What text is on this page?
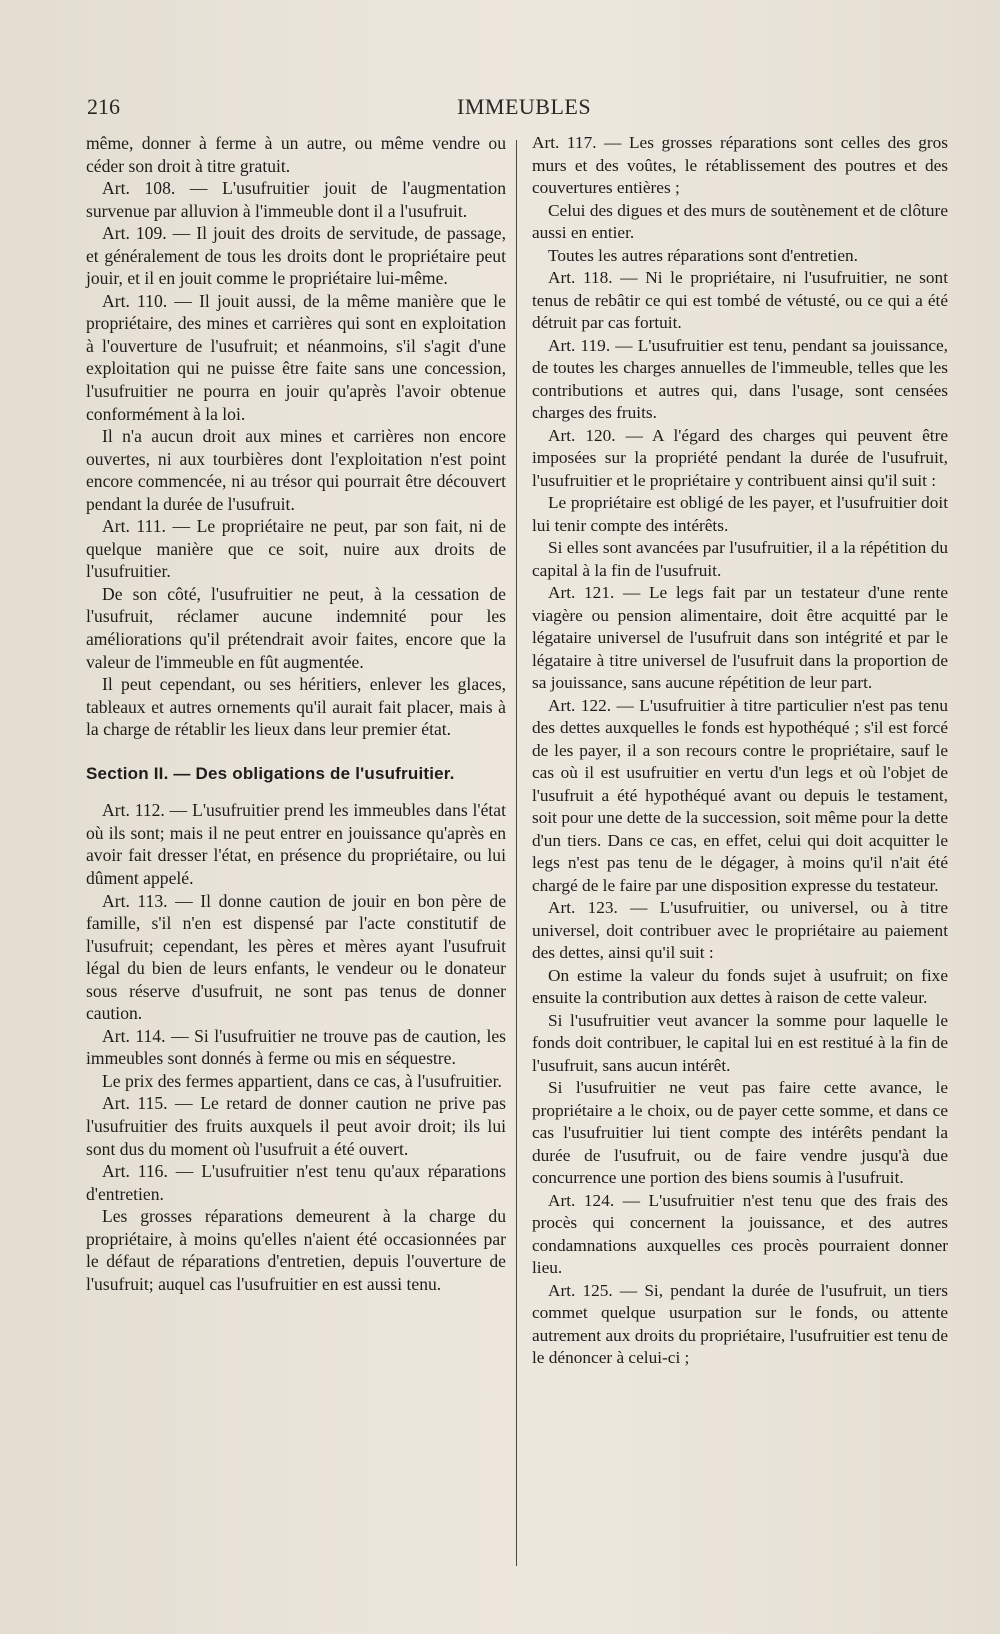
216	IMMEUBLES

même, donner à ferme à un autre, ou même vendre ou céder son droit à titre gratuit.

Art. 108. — L'usufruitier jouit de l'augmentation survenue par alluvion à l'immeuble dont il a l'usufruit.

Art. 109. — Il jouit des droits de servitude, de passage, et généralement de tous les droits dont le propriétaire peut jouir, et il en jouit comme le propriétaire lui-même.

Art. 110. — Il jouit aussi, de la même manière que le propriétaire, des mines et carrières qui sont en exploitation à l'ouverture de l'usufruit; et néanmoins, s'il s'agit d'une exploitation qui ne puisse être faite sans une concession, l'usufruitier ne pourra en jouir qu'après l'avoir obtenue conformément à la loi.

Il n'a aucun droit aux mines et carrières non encore ouvertes, ni aux tourbières dont l'exploitation n'est point encore commencée, ni au trésor qui pourrait être découvert pendant la durée de l'usufruit.

Art. 111. — Le propriétaire ne peut, par son fait, ni de quelque manière que ce soit, nuire aux droits de l'usufruitier.

De son côté, l'usufruitier ne peut, à la cessation de l'usufruit, réclamer aucune indemnité pour les améliorations qu'il prétendrait avoir faites, encore que la valeur de l'immeuble en fût augmentée.

Il peut cependant, ou ses héritiers, enlever les glaces, tableaux et autres ornements qu'il aurait fait placer, mais à la charge de rétablir les lieux dans leur premier état.

Section II. — Des obligations de l'usufruitier.

Art. 112. — L'usufruitier prend les immeubles dans l'état où ils sont; mais il ne peut entrer en jouissance qu'après en avoir fait dresser l'état, en présence du propriétaire, ou lui dûment appelé.

Art. 113. — Il donne caution de jouir en bon père de famille, s'il n'en est dispensé par l'acte constitutif de l'usufruit; cependant, les pères et mères ayant l'usufruit légal du bien de leurs enfants, le vendeur ou le donateur sous réserve d'usufruit, ne sont pas tenus de donner caution.

Art. 114. — Si l'usufruitier ne trouve pas de caution, les immeubles sont donnés à ferme ou mis en séquestre.

Le prix des fermes appartient, dans ce cas, à l'usufruitier.

Art. 115. — Le retard de donner caution ne prive pas l'usufruitier des fruits auxquels il peut avoir droit; ils lui sont dus du moment où l'usufruit a été ouvert.

Art. 116. — L'usufruitier n'est tenu qu'aux réparations d'entretien.

Les grosses réparations demeurent à la charge du propriétaire, à moins qu'elles n'aient été occasionnées par le défaut de réparations d'entretien, depuis l'ouverture de l'usufruit; auquel cas l'usufruitier en est aussi tenu.

Art. 117. — Les grosses réparations sont celles des gros murs et des voûtes, le rétablissement des poutres et des couvertures entières ;

Celui des digues et des murs de soutènement et de clôture aussi en entier.

Toutes les autres réparations sont d'entretien.

Art. 118. — Ni le propriétaire, ni l'usufruitier, ne sont tenus de rebâtir ce qui est tombé de vétusté, ou ce qui a été détruit par cas fortuit.

Art. 119. — L'usufruitier est tenu, pendant sa jouissance, de toutes les charges annuelles de l'immeuble, telles que les contributions et autres qui, dans l'usage, sont censées charges des fruits.

Art. 120. — A l'égard des charges qui peuvent être imposées sur la propriété pendant la durée de l'usufruit, l'usufruitier et le propriétaire y contribuent ainsi qu'il suit :

Le propriétaire est obligé de les payer, et l'usufruitier doit lui tenir compte des intérêts.

Si elles sont avancées par l'usufruitier, il a la répétition du capital à la fin de l'usufruit.

Art. 121. — Le legs fait par un testateur d'une rente viagère ou pension alimentaire, doit être acquitté par le légataire universel de l'usufruit dans son intégrité et par le légataire à titre universel de l'usufruit dans la proportion de sa jouissance, sans aucune répétition de leur part.

Art. 122. — L'usufruitier à titre particulier n'est pas tenu des dettes auxquelles le fonds est hypothéqué ; s'il est forcé de les payer, il a son recours contre le propriétaire, sauf le cas où il est usufruitier en vertu d'un legs et où l'objet de l'usufruit a été hypothéqué avant ou depuis le testament, soit pour une dette de la succession, soit même pour la dette d'un tiers. Dans ce cas, en effet, celui qui doit acquitter le legs n'est pas tenu de le dégager, à moins qu'il n'ait été chargé de le faire par une disposition expresse du testateur.

Art. 123. — L'usufruitier, ou universel, ou à titre universel, doit contribuer avec le propriétaire au paiement des dettes, ainsi qu'il suit :

On estime la valeur du fonds sujet à usufruit; on fixe ensuite la contribution aux dettes à raison de cette valeur.

Si l'usufruitier veut avancer la somme pour laquelle le fonds doit contribuer, le capital lui en est restitué à la fin de l'usufruit, sans aucun intérêt.

Si l'usufruitier ne veut pas faire cette avance, le propriétaire a le choix, ou de payer cette somme, et dans ce cas l'usufruitier lui tient compte des intérêts pendant la durée de l'usufruit, ou de faire vendre jusqu'à due concurrence une portion des biens soumis à l'usufruit.

Art. 124. — L'usufruitier n'est tenu que des frais des procès qui concernent la jouissance, et des autres condamnations auxquelles ces procès pourraient donner lieu.

Art. 125. — Si, pendant la durée de l'usufruit, un tiers commet quelque usurpation sur le fonds, ou attente autrement aux droits du propriétaire, l'usufruitier est tenu de le dénoncer à celui-ci ;
